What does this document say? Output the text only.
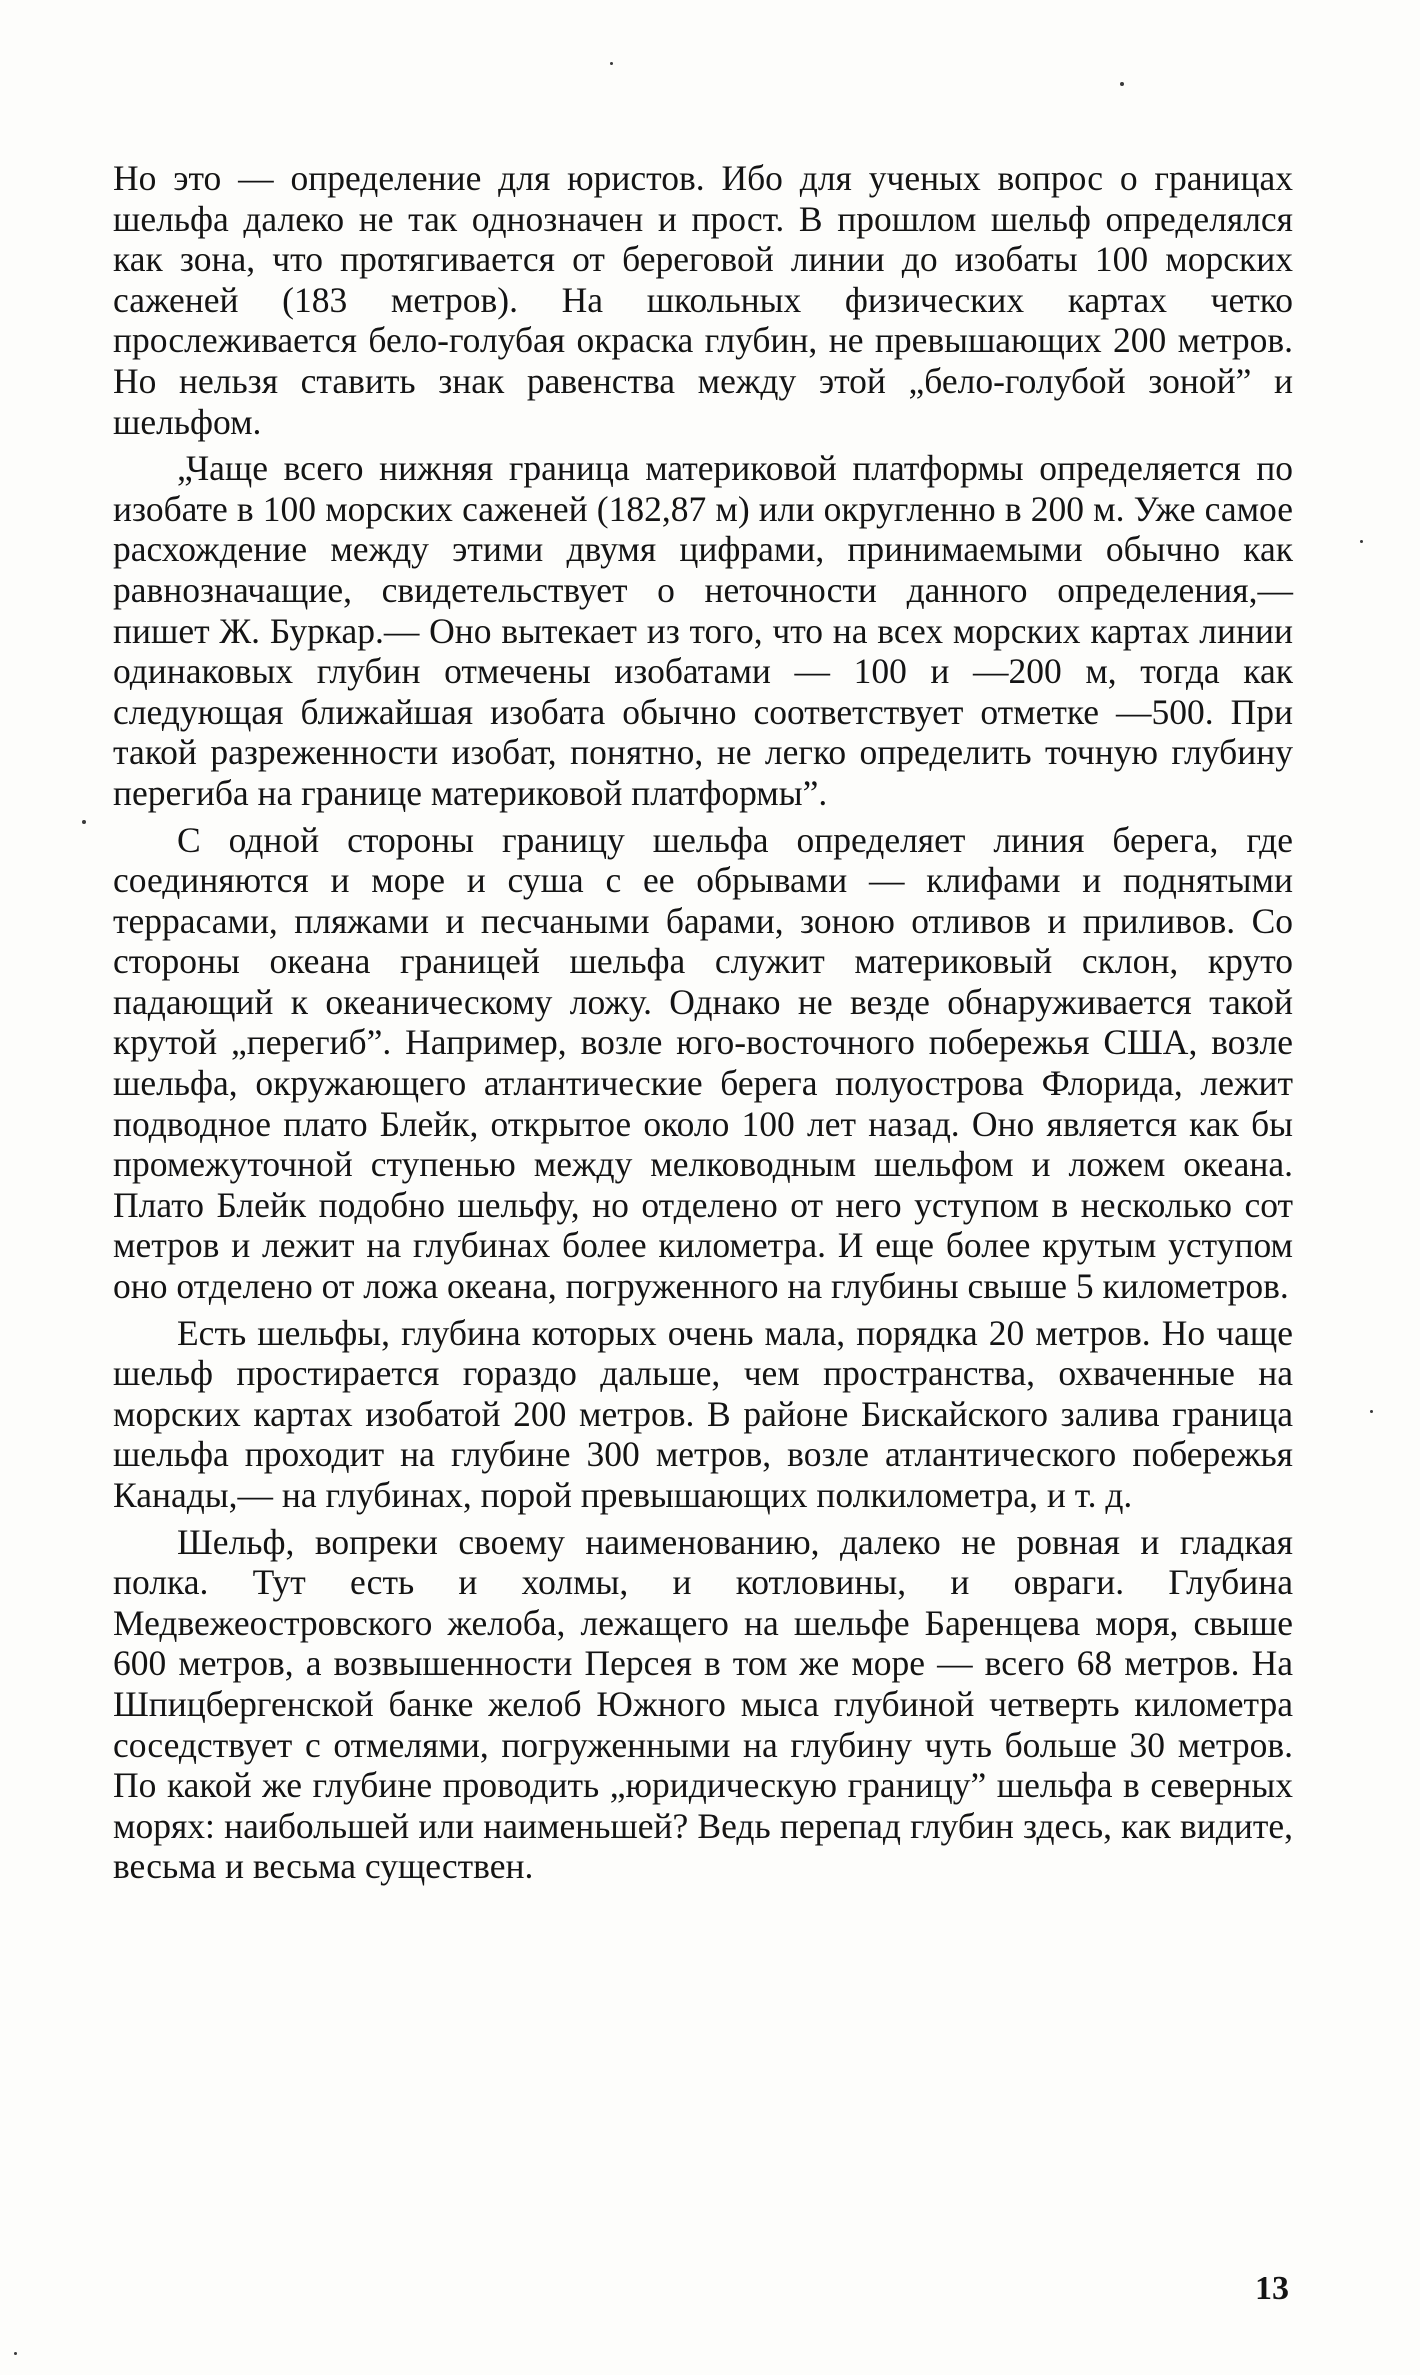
Но это — определение для юристов. Ибо для ученых вопрос о границах шельфа далеко не так однозначен и прост. В прошлом шельф определялся как зона, что протягивается от береговой линии до изобаты 100 морских саженей (183 метров). На школьных физических картах четко прослеживается бело-голубая окраска глубин, не превышающих 200 метров. Но нельзя ставить знак равенства между этой „бело-голубой зоной” и шельфом.

„Чаще всего нижняя граница материковой платформы определяется по изобате в 100 морских саженей (182,87 м) или округленно в 200 м. Уже самое расхождение между этими двумя цифрами, принимаемыми обычно как равнозначащие, свидетельствует о неточности данного определения,— пишет Ж. Буркар.— Оно вытекает из того, что на всех морских картах линии одинаковых глубин отмечены изобатами — 100 и —200 м, тогда как следующая ближайшая изобата обычно соответствует отметке —500. При такой разреженности изобат, понятно, не легко определить точную глубину перегиба на границе материковой платформы”.

С одной стороны границу шельфа определяет линия берега, где соединяются и море и суша с ее обрывами — клифами и поднятыми террасами, пляжами и песчаными барами, зоною отливов и приливов. Со стороны океана границей шельфа служит материковый склон, круто падающий к океаническому ложу. Однако не везде обнаруживается такой крутой „перегиб”. Например, возле юго-восточного побережья США, возле шельфа, окружающего атлантические берега полуострова Флорида, лежит подводное плато Блейк, открытое около 100 лет назад. Оно является как бы промежуточной ступенью между мелководным шельфом и ложем океана. Плато Блейк подобно шельфу, но отделено от него уступом в несколько сот метров и лежит на глубинах более километра. И еще более крутым уступом оно отделено от ложа океана, погруженного на глубины свыше 5 километров.

Есть шельфы, глубина которых очень мала, порядка 20 метров. Но чаще шельф простирается гораздо дальше, чем пространства, охваченные на морских картах изобатой 200 метров. В районе Бискайского залива граница шельфа проходит на глубине 300 метров, возле атлантического побережья Канады,— на глубинах, порой превышающих полкилометра, и т. д.

Шельф, вопреки своему наименованию, далеко не ровная и гладкая полка. Тут есть и холмы, и котловины, и овраги. Глубина Медвежеостровского желоба, лежащего на шельфе Баренцева моря, свыше 600 метров, а возвышенности Персея в том же море — всего 68 метров. На Шпицбергенской банке желоб Южного мыса глубиной четверть километра соседствует с отмелями, погруженными на глубину чуть больше 30 метров. По какой же глубине проводить „юридическую границу” шельфа в северных морях: наибольшей или наименьшей? Ведь перепад глубин здесь, как видите, весьма и весьма существен.

13
